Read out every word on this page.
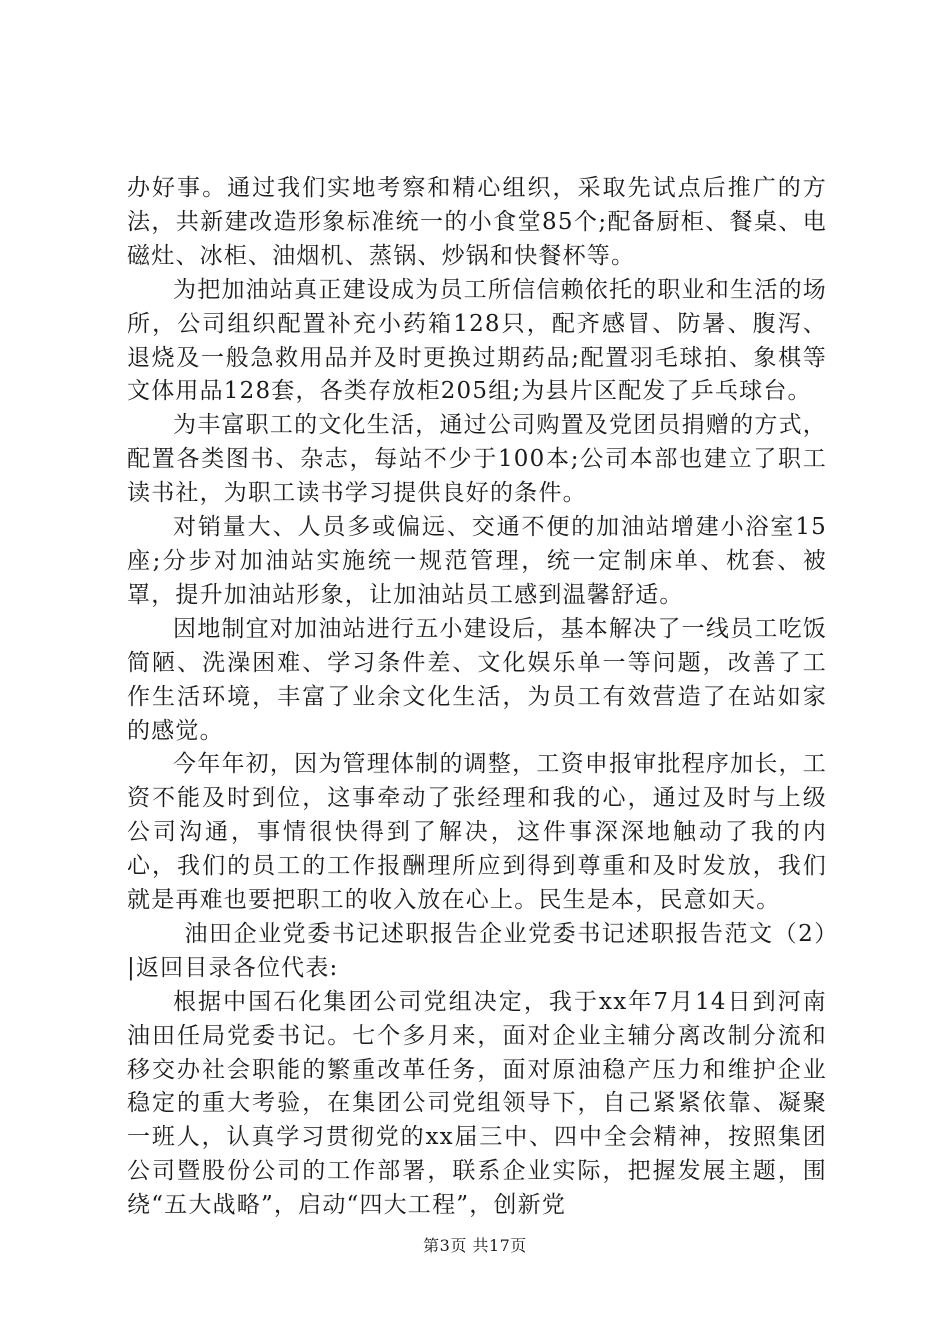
办好事。通过我们实地考察和精心组织，采取先试点后推广的方法，共新建改造形象标准统一的小食堂85个;配备厨柜、餐桌、电磁灶、冰柜、油烟机、蒸锅、炒锅和快餐杯等。

为把加油站真正建设成为员工所信信赖依托的职业和生活的场所，公司组织配置补充小药箱128只，配齐感冒、防暑、腹泻、退烧及一般急救用品并及时更换过期药品;配置羽毛球拍、象棋等文体用品128套，各类存放柜205组;为县片区配发了乒乓球台。

为丰富职工的文化生活，通过公司购置及党团员捐赠的方式，配置各类图书、杂志，每站不少于100本;公司本部也建立了职工读书社，为职工读书学习提供良好的条件。

对销量大、人员多或偏远、交通不便的加油站增建小浴室15座;分步对加油站实施统一规范管理，统一定制床单、枕套、被罩，提升加油站形象，让加油站员工感到温馨舒适。

因地制宜对加油站进行五小建设后，基本解决了一线员工吃饭简陋、洗澡困难、学习条件差、文化娱乐单一等问题，改善了工作生活环境，丰富了业余文化生活，为员工有效营造了在站如家的感觉。

今年年初，因为管理体制的调整，工资申报审批程序加长，工资不能及时到位，这事牵动了张经理和我的心，通过及时与上级公司沟通，事情很快得到了解决，这件事深深地触动了我的内心，我们的员工的工作报酬理所应到得到尊重和及时发放，我们就是再难也要把职工的收入放在心上。民生是本，民意如天。

油田企业党委书记述职报告企业党委书记述职报告范文（2）|返回目录各位代表:

根据中国石化集团公司党组决定，我于xx年7月14日到河南油田任局党委书记。七个多月来，面对企业主辅分离改制分流和移交办社会职能的繁重改革任务，面对原油稳产压力和维护企业稳定的重大考验，在集团公司党组领导下，自己紧紧依靠、凝聚一班人，认真学习贯彻党的xx届三中、四中全会精神，按照集团公司暨股份公司的工作部署，联系企业实际，把握发展主题，围绕“五大战略”，启动“四大工程”，创新党

第3页 共17页
